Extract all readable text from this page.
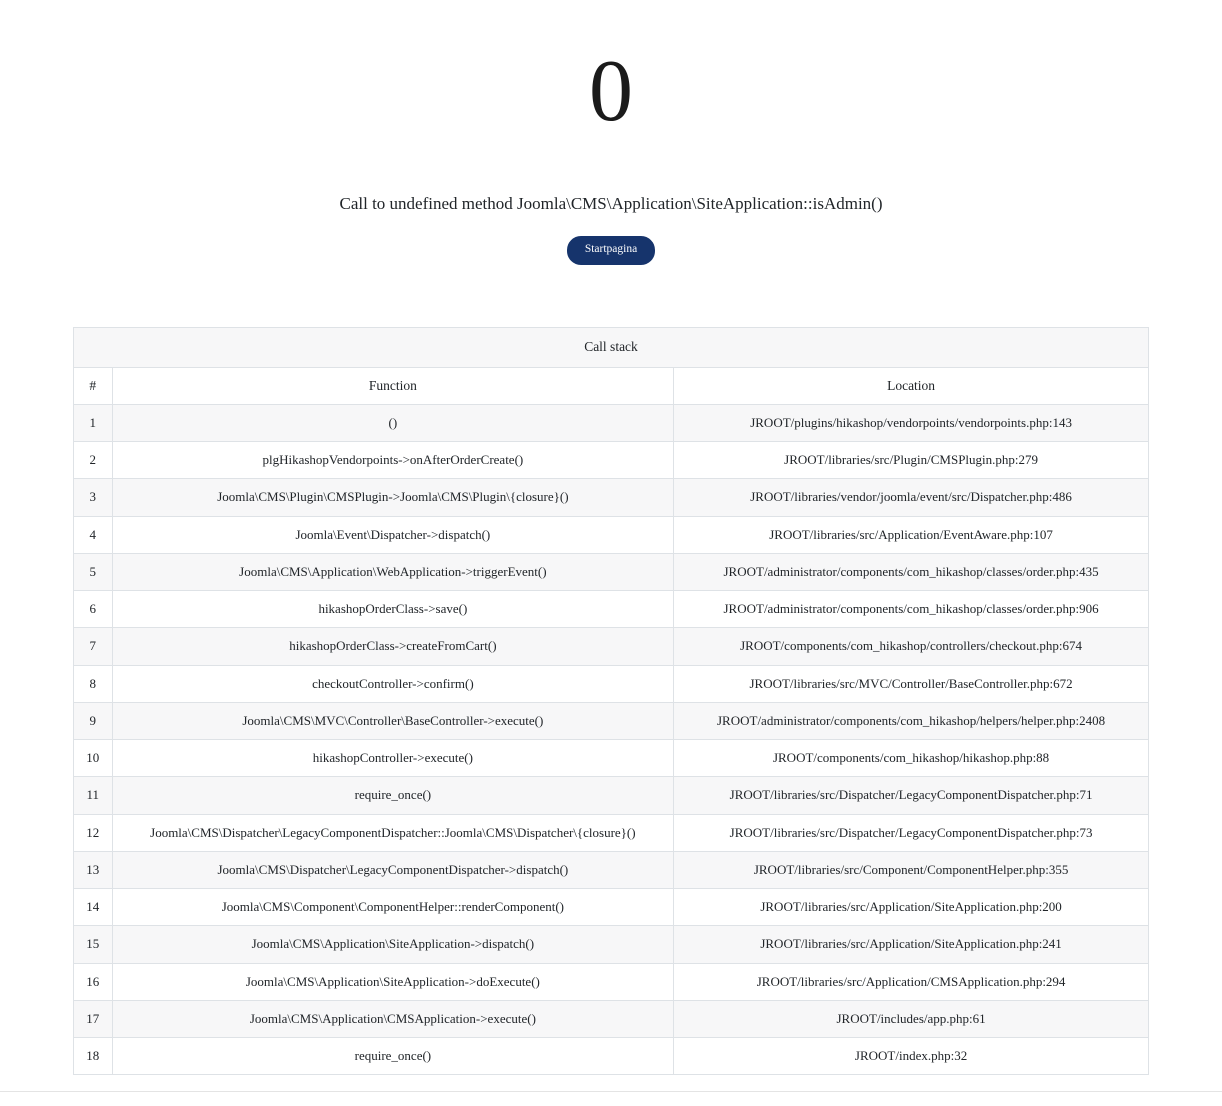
0
Call to undefined method Joomla\CMS\Application\SiteApplication::isAdmin()
Startpagina
Call stack
#	Function	Location
1	()	JROOT/plugins/hikashop/vendorpoints/vendorpoints.php:143
2	plgHikashopVendorpoints->onAfterOrderCreate()	JROOT/libraries/src/Plugin/CMSPlugin.php:279
3	Joomla\CMS\Plugin\CMSPlugin->Joomla\CMS\Plugin\{closure}()	JROOT/libraries/vendor/joomla/event/src/Dispatcher.php:486
4	Joomla\Event\Dispatcher->dispatch()	JROOT/libraries/src/Application/EventAware.php:107
5	Joomla\CMS\Application\WebApplication->triggerEvent()	JROOT/administrator/components/com_hikashop/classes/order.php:435
6	hikashopOrderClass->save()	JROOT/administrator/components/com_hikashop/classes/order.php:906
7	hikashopOrderClass->createFromCart()	JROOT/components/com_hikashop/controllers/checkout.php:674
8	checkoutController->confirm()	JROOT/libraries/src/MVC/Controller/BaseController.php:672
9	Joomla\CMS\MVC\Controller\BaseController->execute()	JROOT/administrator/components/com_hikashop/helpers/helper.php:2408
10	hikashopController->execute()	JROOT/components/com_hikashop/hikashop.php:88
11	require_once()	JROOT/libraries/src/Dispatcher/LegacyComponentDispatcher.php:71
12	Joomla\CMS\Dispatcher\LegacyComponentDispatcher::Joomla\CMS\Dispatcher\{closure}()	JROOT/libraries/src/Dispatcher/LegacyComponentDispatcher.php:73
13	Joomla\CMS\Dispatcher\LegacyComponentDispatcher->dispatch()	JROOT/libraries/src/Component/ComponentHelper.php:355
14	Joomla\CMS\Component\ComponentHelper::renderComponent()	JROOT/libraries/src/Application/SiteApplication.php:200
15	Joomla\CMS\Application\SiteApplication->dispatch()	JROOT/libraries/src/Application/SiteApplication.php:241
16	Joomla\CMS\Application\SiteApplication->doExecute()	JROOT/libraries/src/Application/CMSApplication.php:294
17	Joomla\CMS\Application\CMSApplication->execute()	JROOT/includes/app.php:61
18	require_once()	JROOT/index.php:32
